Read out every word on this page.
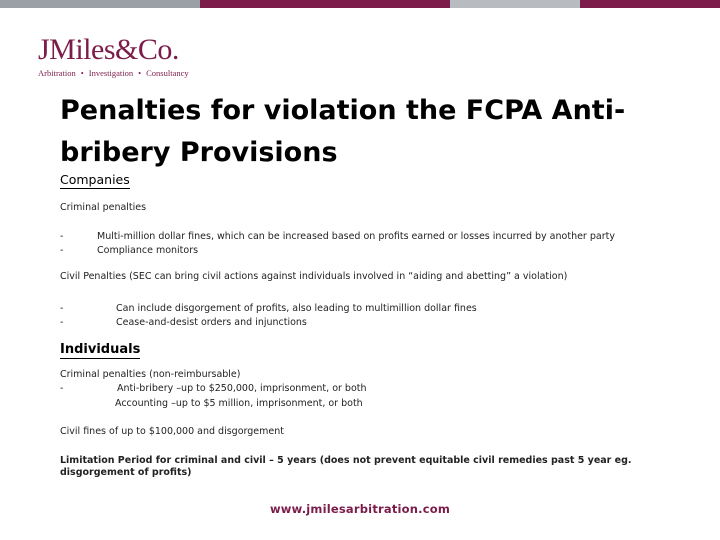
JMiles&Co.
Arbitration • Investigation • Consultancy
Penalties for violation the FCPA Anti-bribery Provisions
Companies
Criminal penalties
-	Multi-million dollar fines, which can be increased based on profits earned or losses incurred by another party
-	Compliance monitors
Civil Penalties (SEC can bring civil actions against individuals involved in “aiding and abetting” a violation)
-	Can include disgorgement of profits, also leading to multimillion dollar fines
-	Cease-and-desist orders and injunctions
Individuals
Criminal penalties (non-reimbursable)
-	Anti-bribery –up to $250,000, imprisonment, or both
Accounting –up to $5 million, imprisonment, or both
Civil fines of up to $100,000 and disgorgement
Limitation Period for criminal and civil – 5 years (does not prevent equitable civil remedies past 5 year eg. disgorgement of profits)
www.jmilesarbitration.com
